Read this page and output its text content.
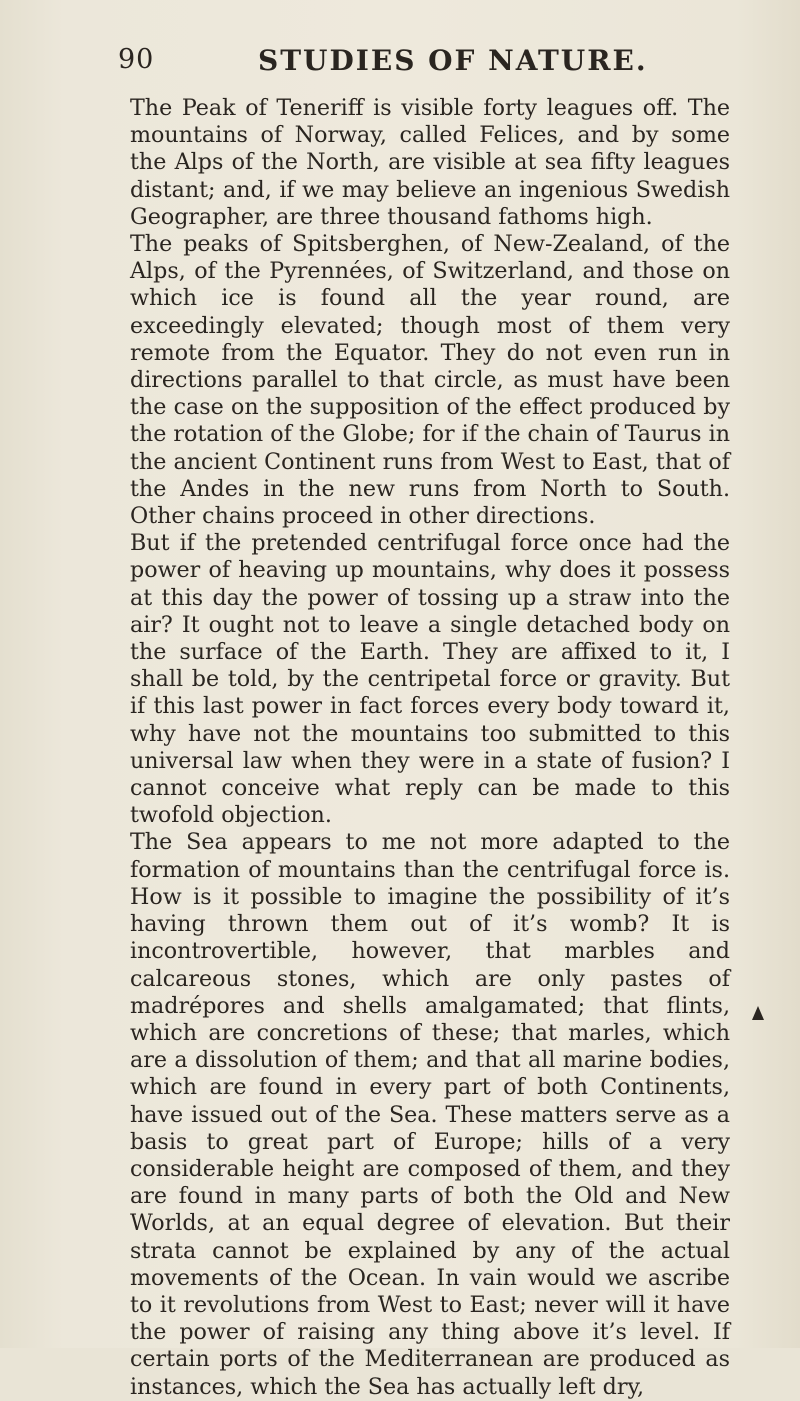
90	STUDIES OF NATURE.

The Peak of Teneriff is visible forty leagues off. The mountains of Norway, called Felices, and by some the Alps of the North, are visible at sea fifty leagues distant; and, if we may believe an ingenious Swedish Geographer, are three thousand fathoms high.

The peaks of Spitsberghen, of New-Zealand, of the Alps, of the Pyrennées, of Switzerland, and those on which ice is found all the year round, are exceedingly elevated; though most of them very remote from the Equator. They do not even run in directions parallel to that circle, as must have been the case on the supposition of the effect produced by the rotation of the Globe; for if the chain of Taurus in the ancient Continent runs from West to East, that of the Andes in the new runs from North to South. Other chains proceed in other directions.

But if the pretended centrifugal force once had the power of heaving up mountains, why does it possess at this day the power of tossing up a straw into the air? It ought not to leave a single detached body on the surface of the Earth. They are affixed to it, I shall be told, by the centripetal force or gravity. But if this last power in fact forces every body toward it, why have not the mountains too submitted to this universal law when they were in a state of fusion? I cannot conceive what reply can be made to this twofold objection.

The Sea appears to me not more adapted to the formation of mountains than the centrifugal force is. How is it possible to imagine the possibility of it’s having thrown them out of it’s womb? It is incontrovertible, however, that marbles and calcareous stones, which are only pastes of madrépores and shells amalgamated; that flints, which are concretions of these; that marles, which are a dissolution of them; and that all marine bodies, which are found in every part of both Continents, have issued out of the Sea. These matters serve as a basis to great part of Europe; hills of a very considerable height are composed of them, and they are found in many parts of both the Old and New Worlds, at an equal degree of elevation. But their strata cannot be explained by any of the actual movements of the Ocean. In vain would we ascribe to it revolutions from West to East; never will it have the power of raising any thing above it’s level. If certain ports of the Mediterranean are produced as instances, which the Sea has actually left dry,
